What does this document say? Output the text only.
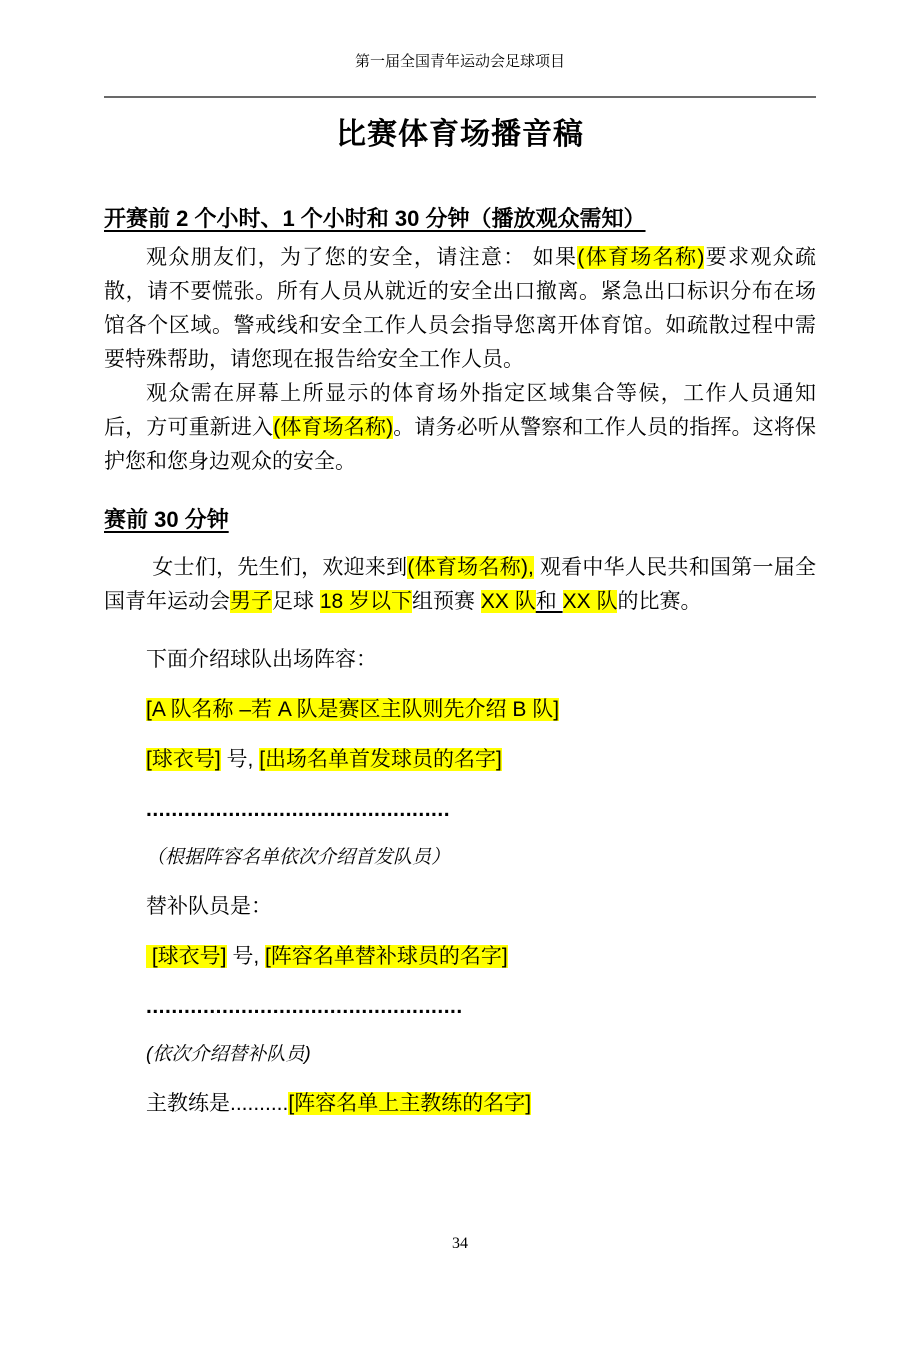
第一届全国青年运动会足球项目
比赛体育场播音稿
开赛前 2 个小时、1 个小时和 30 分钟（播放观众需知）

观众朋友们，为了您的安全，请注意： 如果(体育场名称)要求观众疏散，请不要慌张。所有人员从就近的安全出口撤离。紧急出口标识分布在场馆各个区域。警戒线和安全工作人员会指导您离开体育馆。如疏散过程中需要特殊帮助，请您现在报告给安全工作人员。

观众需在屏幕上所显示的体育场外指定区域集合等候，工作人员通知后，方可重新进入(体育场名称)。请务必听从警察和工作人员的指挥。这将保护您和您身边观众的安全。

赛前 30 分钟

女士们，先生们，欢迎来到(体育场名称), 观看中华人民共和国第一届全国青年运动会男子足球 18 岁以下组预赛 XX 队和 XX 队的比赛。

下面介绍球队出场阵容：
[A 队名称 –若 A 队是赛区主队则先介绍 B 队]
[球衣号] 号, [出场名单首发球员的名字]
................................................
（根据阵容名单依次介绍首发队员）
替补队员是：
[球衣号] 号, [阵容名单替补球员的名字]
..................................................
(依次介绍替补队员)
主教练是..........[阵容名单上主教练的名字]
34
